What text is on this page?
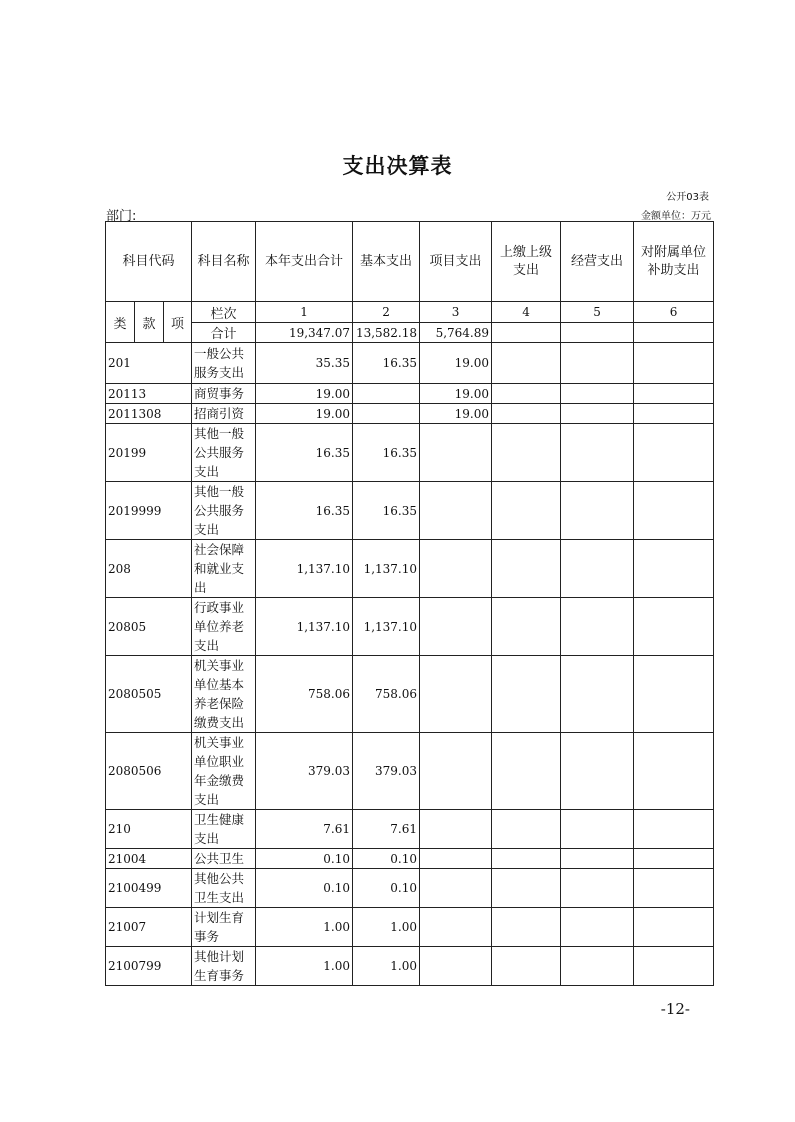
支出决算表
公开03表
部门:	金额单位：万元
科目代码			科目名称	本年支出合计	基本支出	项目支出	上缴上级支出	经营支出	对附属单位补助支出
类	款	项	栏次	1	2	3	4	5	6
			合计	19,347.07	13,582.18	5,764.89			
201			一般公共服务支出	35.35	16.35	19.00			
20113			商贸事务	19.00		19.00			
2011308			招商引资	19.00		19.00			
20199			其他一般公共服务支出	16.35	16.35				
2019999			其他一般公共服务支出	16.35	16.35				
208			社会保障和就业支出	1,137.10	1,137.10				
20805			行政事业单位养老支出	1,137.10	1,137.10				
2080505			机关事业单位基本养老保险缴费支出	758.06	758.06				
2080506			机关事业单位职业年金缴费支出	379.03	379.03				
210			卫生健康支出	7.61	7.61				
21004			公共卫生	0.10	0.10				
2100499			其他公共卫生支出	0.10	0.10				
21007			计划生育事务	1.00	1.00				
2100799			其他计划生育事务	1.00	1.00				
-12-
